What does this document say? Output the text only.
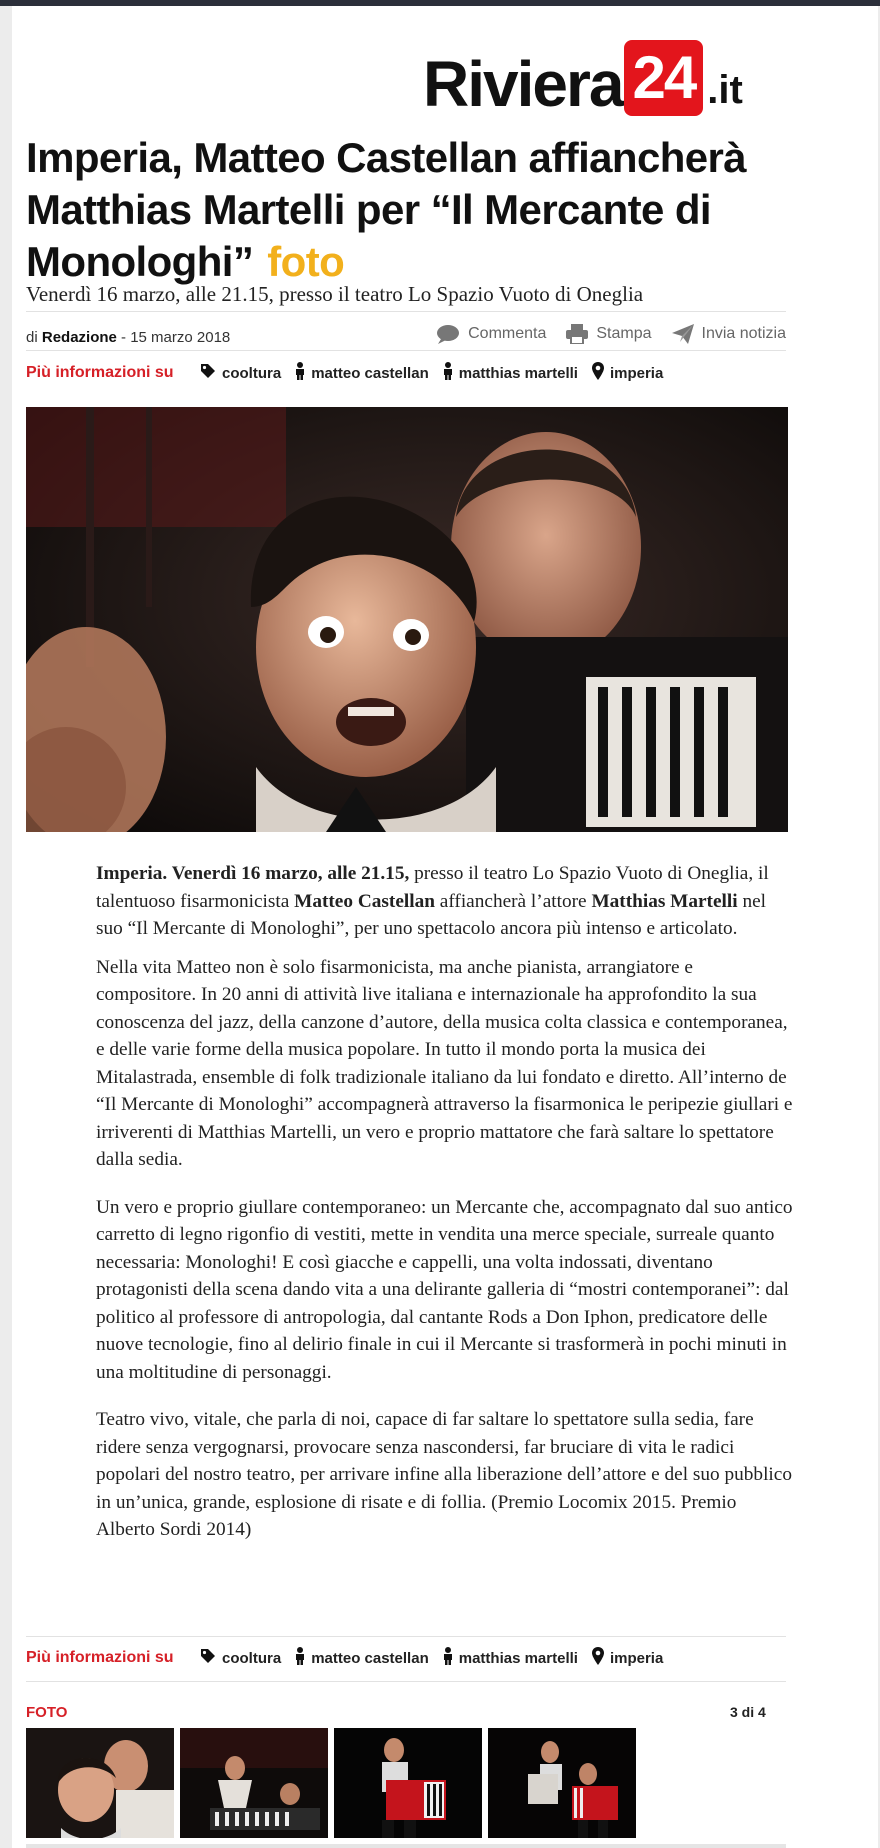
Riviera 24 .it
Imperia, Matteo Castellan affiancherà Matthias Martelli per “Il Mercante di Monologhi” foto
Venerdì 16 marzo, alle 21.15, presso il teatro Lo Spazio Vuoto di Oneglia
di Redazione - 15 marzo 2018	Commenta	Stampa	Invia notizia
Più informazioni su	cooltura matteo castellan matthias martelli imperia

Imperia. Venerdì 16 marzo, alle 21.15, presso il teatro Lo Spazio Vuoto di Oneglia, il talentuoso fisarmonicista Matteo Castellan affiancherà l’attore Matthias Martelli nel suo “Il Mercante di Monologhi”, per uno spettacolo ancora più intenso e articolato.

Nella vita Matteo non è solo fisarmonicista, ma anche pianista, arrangiatore e compositore. In 20 anni di attività live italiana e internazionale ha approfondito la sua conoscenza del jazz, della canzone d’autore, della musica colta classica e contemporanea, e delle varie forme della musica popolare. In tutto il mondo porta la musica dei Mitalastrada, ensemble di folk tradizionale italiano da lui fondato e diretto. All’interno de “Il Mercante di Monologhi” accompagnerà attraverso la fisarmonica le peripezie giullari e irriverenti di Matthias Martelli, un vero e proprio mattatore che farà saltare lo spettatore dalla sedia.

Un vero e proprio giullare contemporaneo: un Mercante che, accompagnato dal suo antico carretto di legno rigonfio di vestiti, mette in vendita una merce speciale, surreale quanto necessaria: Monologhi! E così giacche e cappelli, una volta indossati, diventano protagonisti della scena dando vita a una delirante galleria di “mostri contemporanei”: dal politico al professore di antropologia, dal cantante Rods a Don Iphon, predicatore delle nuove tecnologie, fino al delirio finale in cui il Mercante si trasformerà in pochi minuti in una moltitudine di personaggi.

Teatro vivo, vitale, che parla di noi, capace di far saltare lo spettatore sulla sedia, fare ridere senza vergognarsi, provocare senza nascondersi, far bruciare di vita le radici popolari del nostro teatro, per arrivare infine alla liberazione dell’attore e del suo pubblico in un’unica, grande, esplosione di risate e di follia. (Premio Locomix 2015. Premio Alberto Sordi 2014)

Più informazioni su	cooltura matteo castellan matthias martelli imperia
FOTO	3 di 4
